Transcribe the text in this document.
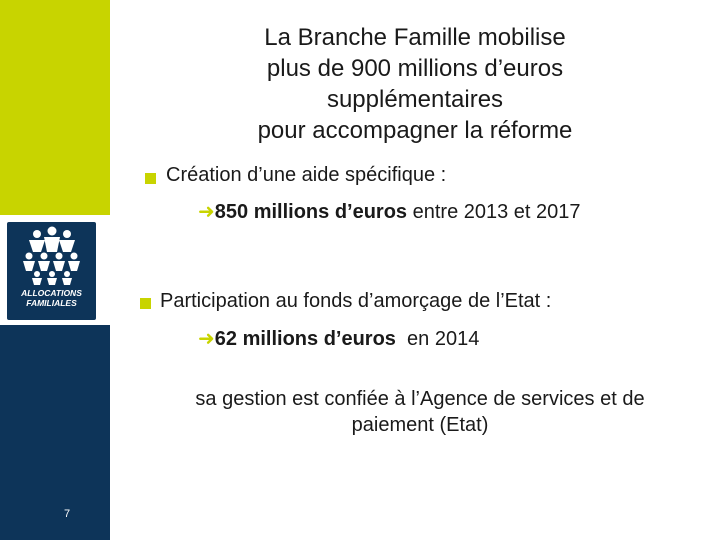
ALLOCATIONS
FAMILIALES
7
La Branche Famille mobilise
plus de 900 millions d’euros
supplémentaires
pour accompagner la réforme
Création d’une aide spécifique :
➜850 millions d’euros entre 2013 et 2017
Participation au fonds d’amorçage de l’Etat :
➜62 millions d’euros  en 2014
sa gestion est confiée à l’Agence de services et de
paiement (Etat)
